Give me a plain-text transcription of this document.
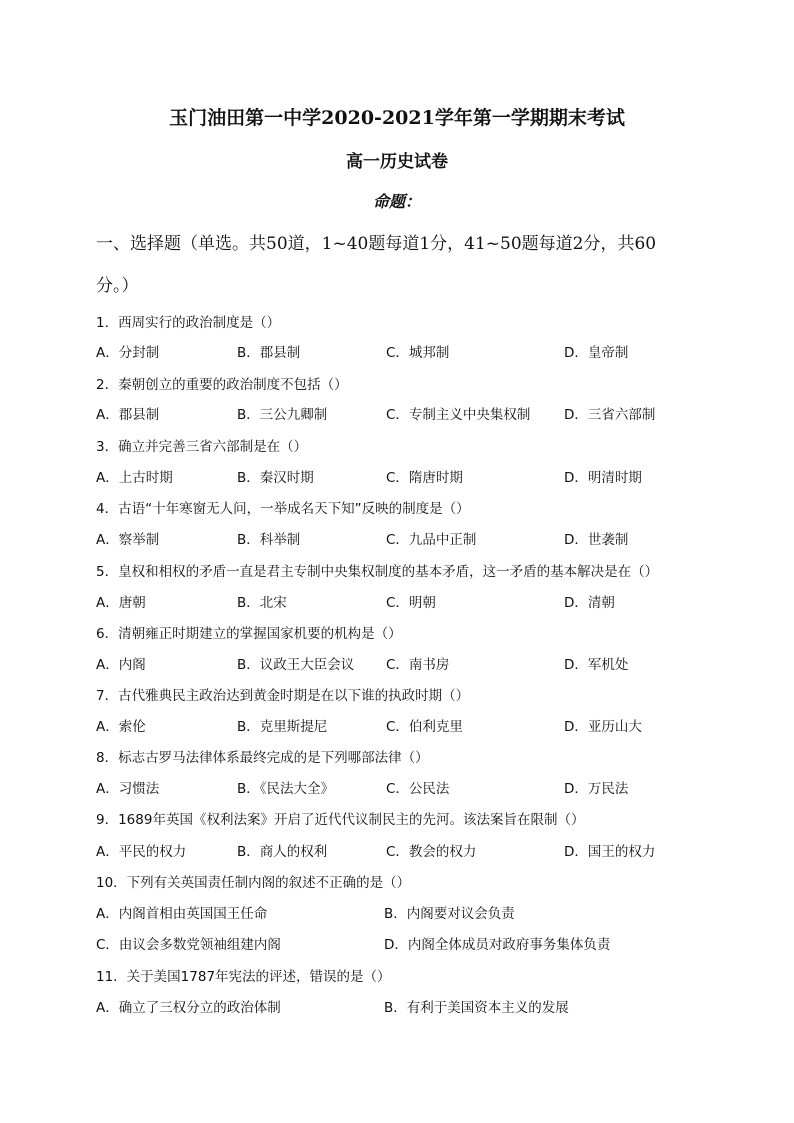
玉门油田第一中学2020-2021学年第一学期期末考试
高一历史试卷
命题：
一、选择题（单选。共50道，1~40题每道1分，41~50题每道2分，共60
分。）
1．西周实行的政治制度是（）
A．分封制	B．郡县制	C．城邦制	D．皇帝制
2．秦朝创立的重要的政治制度不包括（）
A．郡县制	B．三公九卿制	C．专制主义中央集权制 D．三省六部制
3．确立并完善三省六部制是在（）
A．上古时期	B．秦汉时期	C．隋唐时期	D．明清时期
4．古语“十年寒窗无人问，一举成名天下知”反映的制度是（）
A．察举制	B．科举制	C．九品中正制	D．世袭制
5．皇权和相权的矛盾一直是君主专制中央集权制度的基本矛盾，这一矛盾的基本解决是在（）
A．唐朝	B．北宋	C．明朝	D．清朝
6．清朝雍正时期建立的掌握国家机要的机构是（）
A．内阁	B．议政王大臣会议 C．南书房	D．军机处
7．古代雅典民主政治达到黄金时期是在以下谁的执政时期（）
A．索伦	B．克里斯提尼	C．伯利克里	D．亚历山大
8．标志古罗马法律体系最终完成的是下列哪部法律（）
A．习惯法	B．《民法大全》	C．公民法	D．万民法
9．1689年英国《权利法案》开启了近代代议制民主的先河。该法案旨在限制（）
A．平民的权力	B．商人的权利	C．教会的权力	D．国王的权力
10．下列有关英国责任制内阁的叙述不正确的是（）
A．内阁首相由英国国王任命	B．内阁要对议会负责
C．由议会多数党领袖组建内阁	D．内阁全体成员对政府事务集体负责
11．关于美国1787年宪法的评述，错误的是（）
A．确立了三权分立的政治体制	B．有利于美国资本主义的发展
